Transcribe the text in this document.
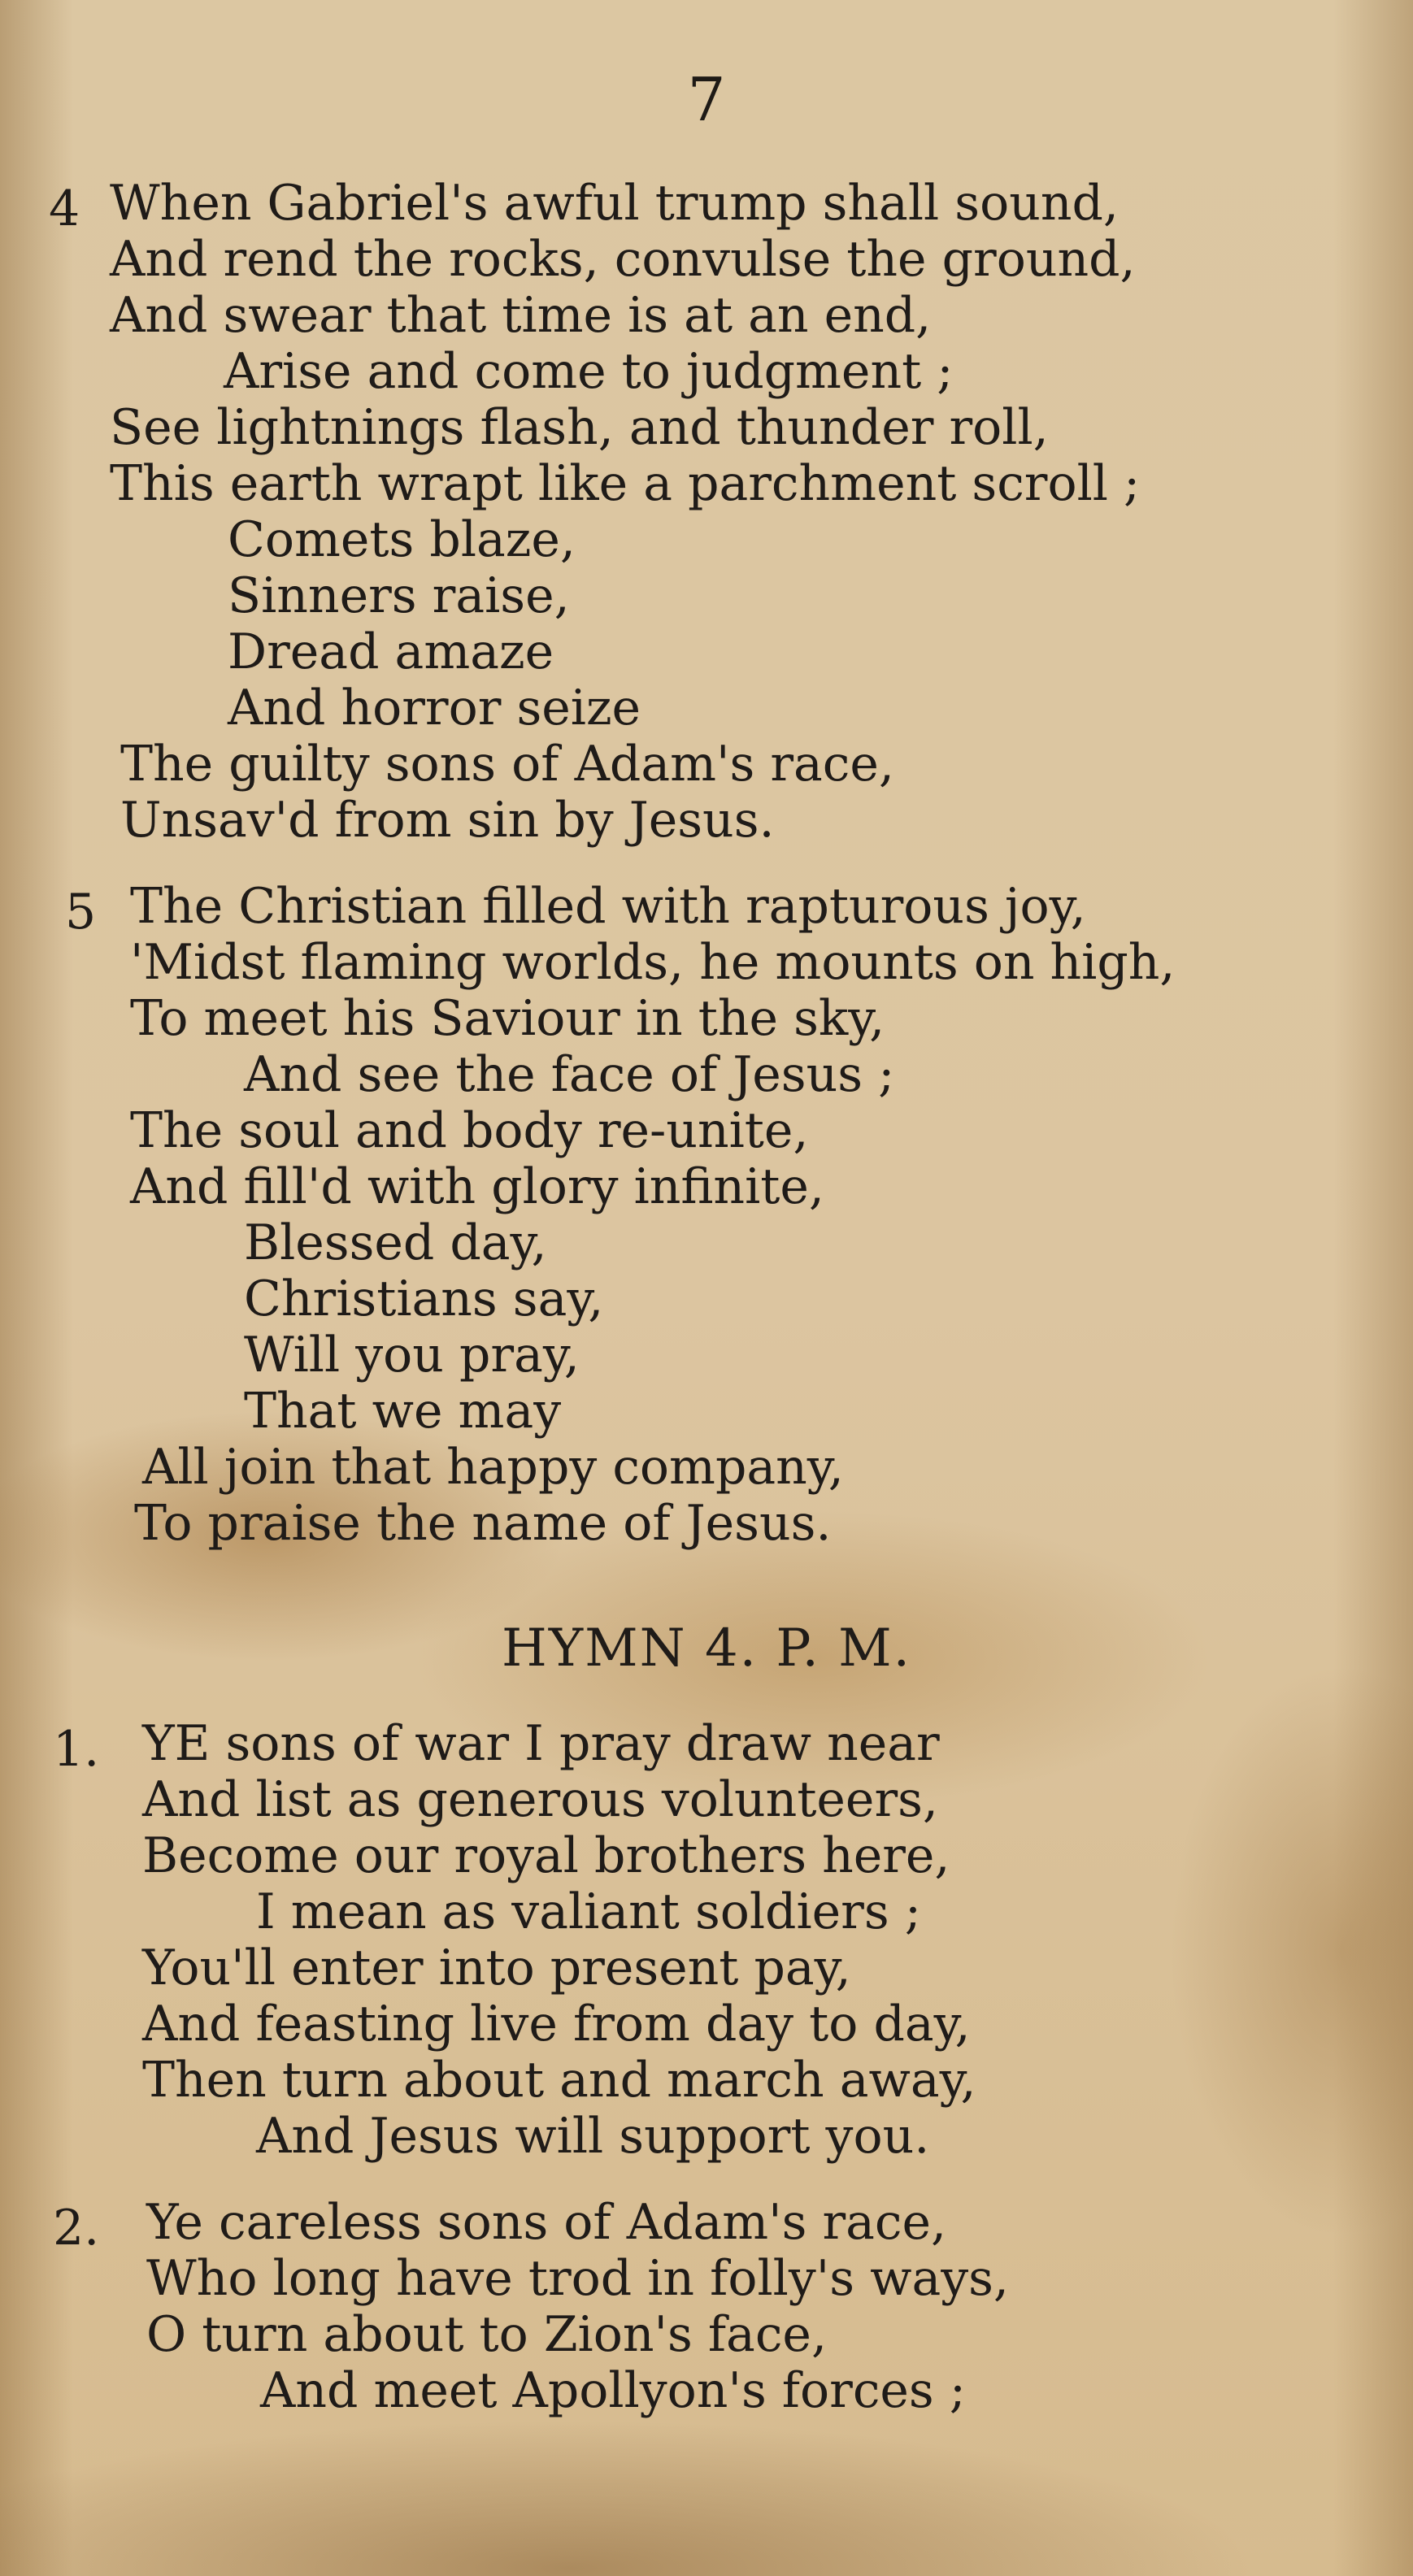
7
4 When Gabriel's awful trump shall sound,
And rend the rocks, convulse the ground,
And swear that time is at an end,
Arise and come to judgment ;
See lightnings flash, and thunder roll,
This earth wrapt like a parchment scroll ;
Comets blaze,
Sinners raise,
Dread amaze
And horror seize
The guilty sons of Adam's race,
Unsav'd from sin by Jesus.
5 The Christian filled with rapturous joy,
'Midst flaming worlds, he mounts on high,
To meet his Saviour in the sky,
And see the face of Jesus ;
The soul and body re-unite,
And fill'd with glory infinite,
Blessed day,
Christians say,
Will you pray,
That we may
All join that happy company,
To praise the name of Jesus.
HYMN 4. P. M.
1. YE sons of war I pray draw near
And list as generous volunteers,
Become our royal brothers here,
I mean as valiant soldiers ;
You'll enter into present pay,
And feasting live from day to day,
Then turn about and march away,
And Jesus will support you.
2. Ye careless sons of Adam's race,
Who long have trod in folly's ways,
O turn about to Zion's face,
And meet Apollyon's forces ;
